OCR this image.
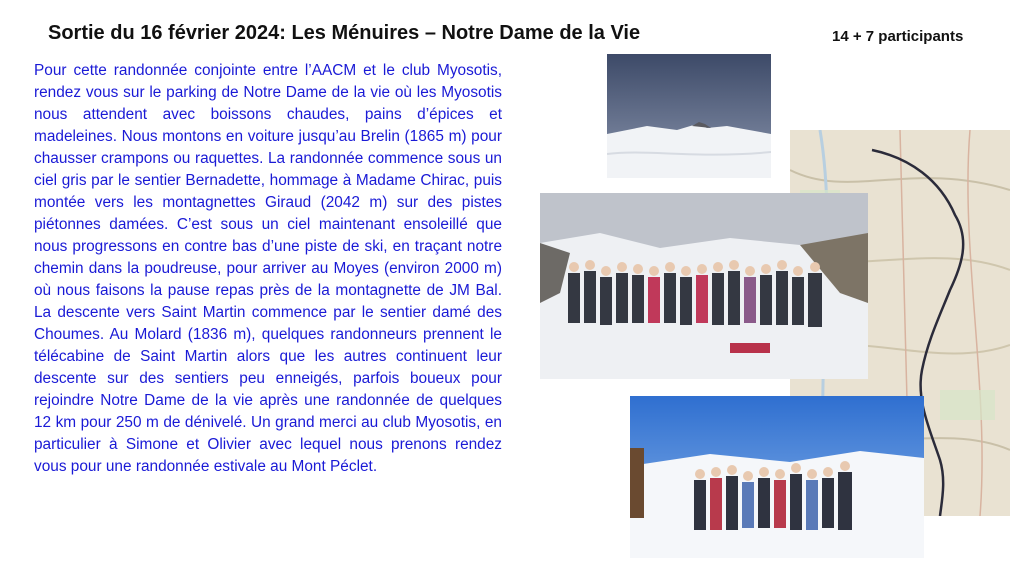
Sortie du 16 février 2024: Les Ménuires – Notre Dame de la Vie	14 + 7 participants
Pour cette randonnée conjointe entre l’AACM et le club Myosotis, rendez vous sur le parking de Notre Dame de la vie où les Myosotis nous attendent avec boissons chaudes, pains d’épices et madeleines. Nous montons en voiture jusqu’au Brelin (1865 m) pour chausser crampons ou raquettes. La randonnée commence sous un ciel gris par le sentier Bernadette, hommage à Madame Chirac, puis montée vers les montagnettes Giraud (2042 m) sur des pistes piétonnes damées. C’est sous un ciel maintenant ensoleillé que nous progressons en contre bas d’une piste de ski, en traçant notre chemin dans la poudreuse, pour arriver au Moyes (environ 2000 m) où nous faisons la pause repas près de la montagnette de JM Bal. La descente vers Saint Martin commence par le sentier damé des Choumes. Au Molard (1836 m), quelques randonneurs prennent le télécabine de Saint Martin alors que les autres continuent leur descente sur des sentiers peu enneigés, parfois boueux pour rejoindre Notre Dame de la vie après une randonnée de quelques 12 km pour 250 m de dénivelé. Un grand merci au club Myosotis, en particulier à Simone et Olivier avec lequel nous prenons rendez vous pour une randonnée estivale au Mont Péclet.
